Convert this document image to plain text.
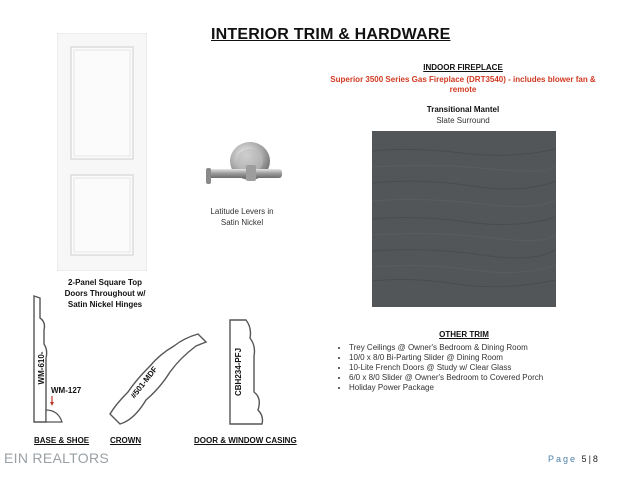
INTERIOR TRIM & HARDWARE
2-Panel Square Top
Doors Throughout w/
Satin Nickel Hinges
Latitude Levers in
Satin Nickel
INDOOR FIREPLACE
Superior 3500 Series Gas Fireplace (DRT3540) - includes blower fan & remote
Transitional Mantel
Slate Surround
OTHER TRIM
• Trey Ceilings @ Owner's Bedroom & Dining Room
• 10/0 x 8/0 Bi-Parting Slider @ Dining Room
• 10-Lite French Doors @ Study w/ Clear Glass
• 6/0 x 8/0 Slider @ Owner's Bedroom to Covered Porch
• Holiday Power Package
WM-610-
WM-127	#501-MDF	CBH234-PFJ
BASE & SHOE	CROWN	DOOR & WINDOW CASING
EIN REALTORS	Page 5|8
